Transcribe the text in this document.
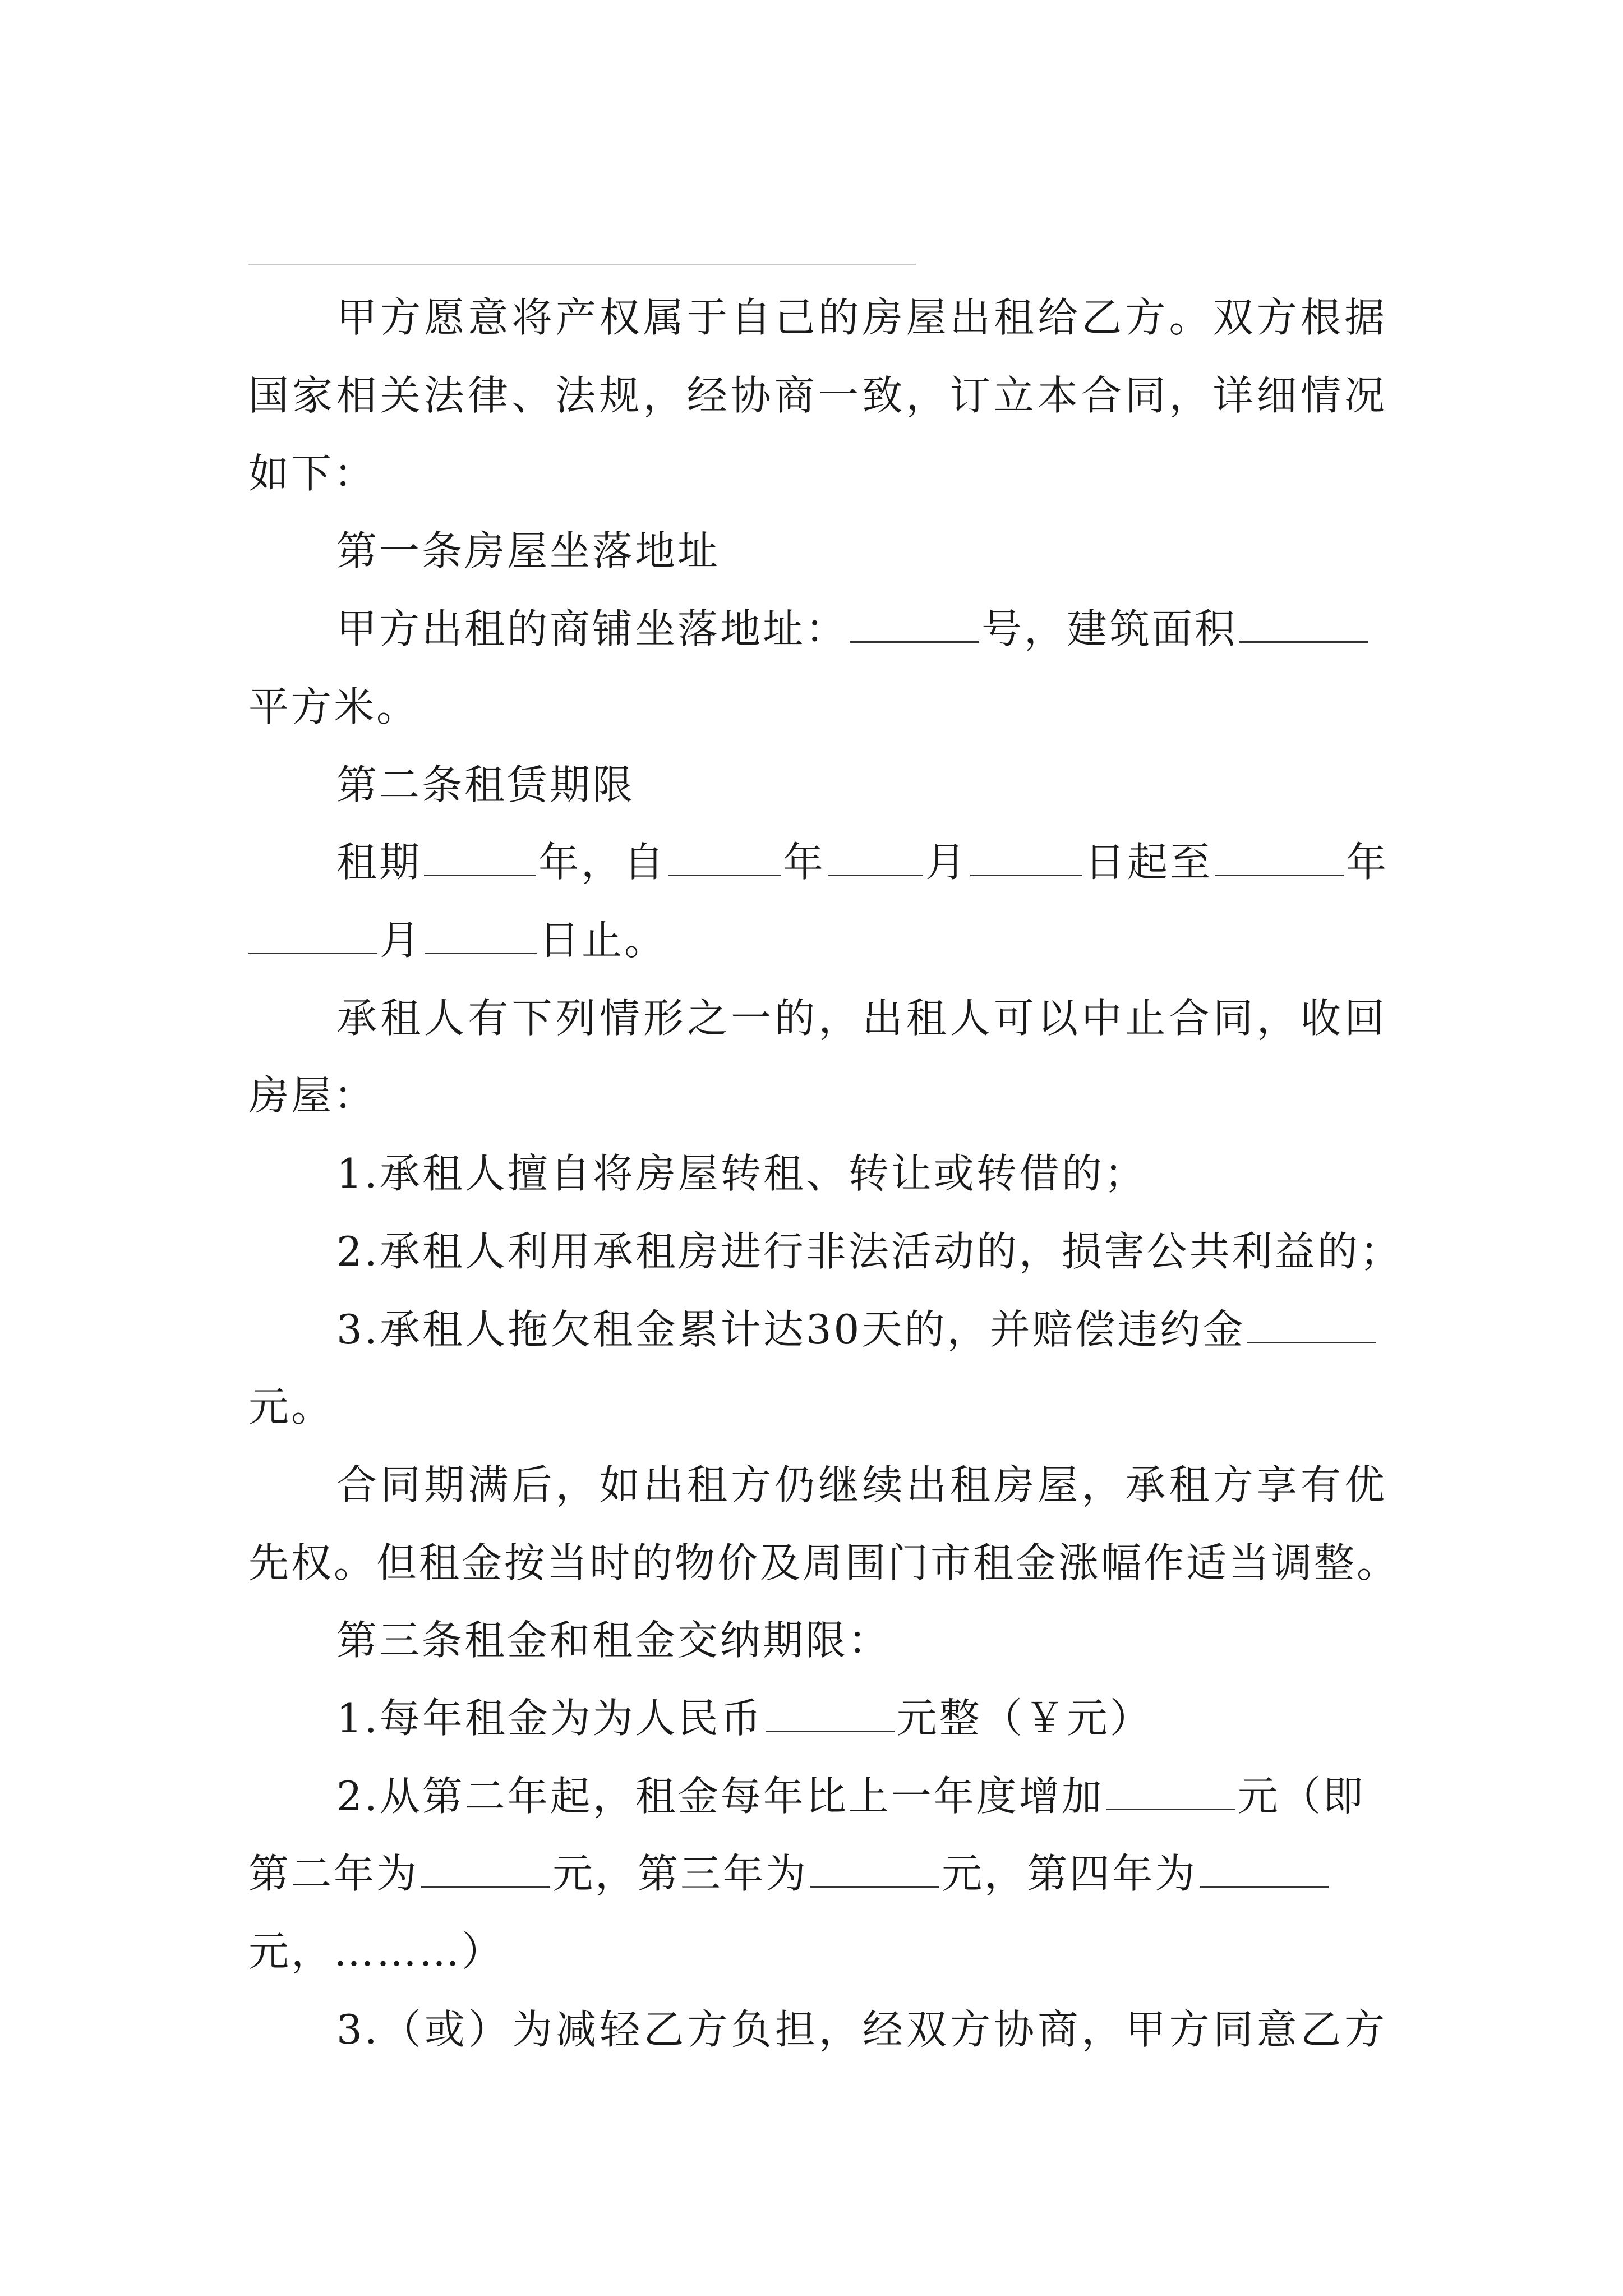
甲方愿意将产权属于自己的房屋出租给乙方。双方根据
国家相关法律、法规，经协商一致，订立本合同，详细情况
如下：
第一条房屋坐落地址
甲方出租的商铺坐落地址：	号，建筑面积
平方米。
第二条租赁期限
租期	年，自	年 月	日起至	年
月	日止。
承租人有下列情形之一的，出租人可以中止合同，收回
房屋：
1.承租人擅自将房屋转租、转让或转借的；
2.承租人利用承租房进行非法活动的，损害公共利益的；
3.承租人拖欠租金累计达30天的，并赔偿违约金
元。
合同期满后，如出租方仍继续出租房屋，承租方享有优
先权。但租金按当时的物价及周围门市租金涨幅作适当调整。
第三条租金和租金交纳期限：
1.每年租金为为人民币	元整（￥元）
2.从第二年起，租金每年比上一年度增加	元（即
第二年为	元，第三年为	元，第四年为
元，………）
3.（或）为减轻乙方负担，经双方协商，甲方同意乙方
